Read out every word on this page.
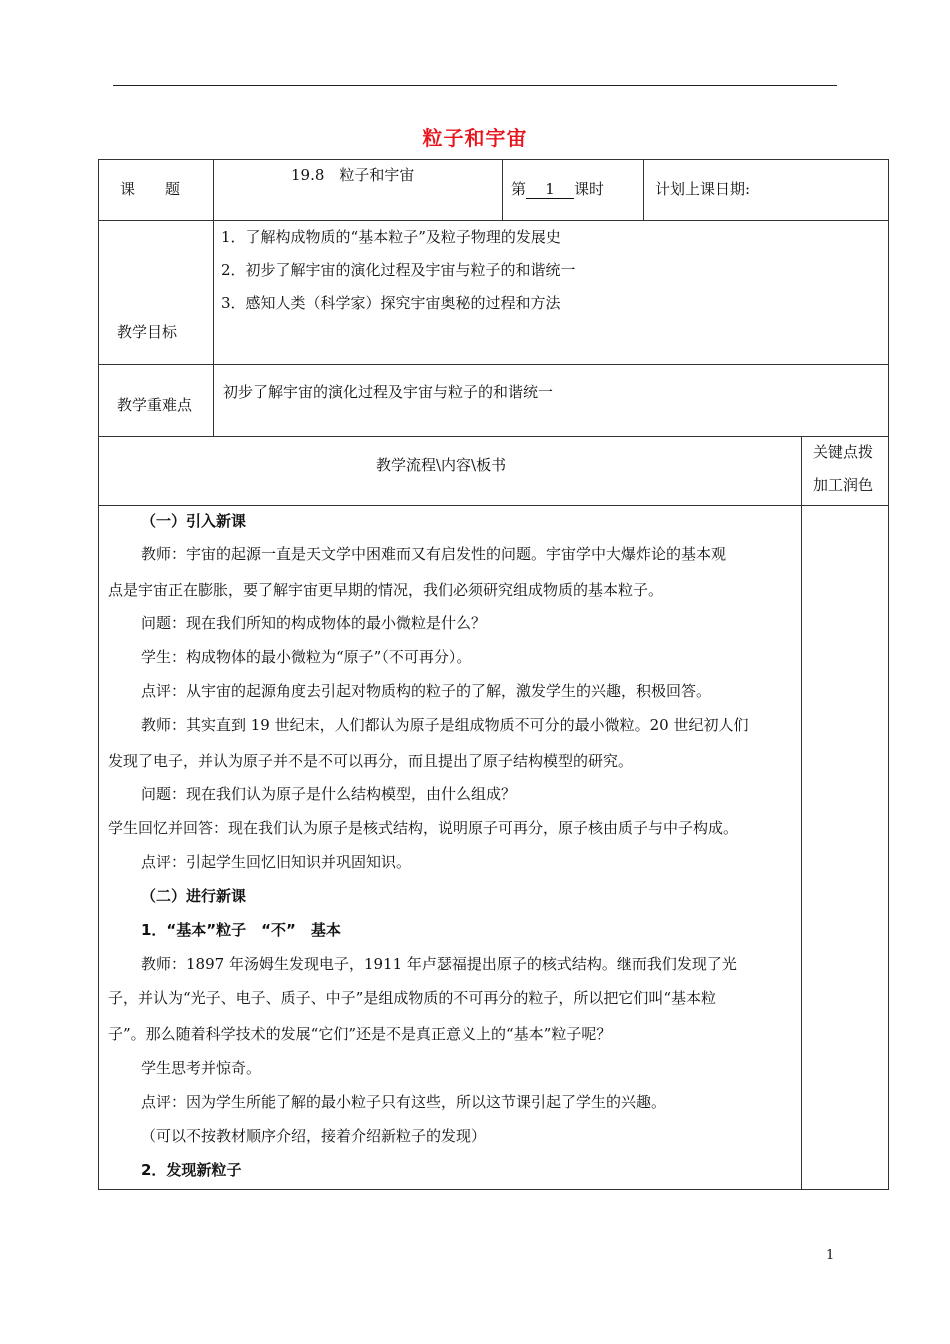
粒子和宇宙
课　　题
19.8　粒子和宇宙
第 1 课时	计划上课日期:
1．了解构成物质的“基本粒子”及粒子物理的发展史
2．初步了解宇宙的演化过程及宇宙与粒子的和谐统一
3．感知人类（科学家）探究宇宙奥秘的过程和方法
教学目标
教学重难点
初步了解宇宙的演化过程及宇宙与粒子的和谐统一
教学流程\内容\板书
关键点拨
加工润色
（一）引入新课
教师：宇宙的起源一直是天文学中困难而又有启发性的问题。宇宙学中大爆炸论的基本观
点是宇宙正在膨胀，要了解宇宙更早期的情况，我们必须研究组成物质的基本粒子。
问题：现在我们所知的构成物体的最小微粒是什么？
学生：构成物体的最小微粒为“原子”（不可再分）。
点评：从宇宙的起源角度去引起对物质构的粒子的了解，激发学生的兴趣，积极回答。
教师：其实直到 19 世纪末，人们都认为原子是组成物质不可分的最小微粒。20 世纪初人们
发现了电子，并认为原子并不是不可以再分，而且提出了原子结构模型的研究。
问题：现在我们认为原子是什么结构模型，由什么组成？
学生回忆并回答：现在我们认为原子是核式结构，说明原子可再分，原子核由质子与中子构成。
点评：引起学生回忆旧知识并巩固知识。
（二）进行新课
1．“基本”粒子　“不”　基本
教师：1897 年汤姆生发现电子，1911 年卢瑟福提出原子的核式结构。继而我们发现了光
子，并认为“光子、电子、质子、中子”是组成物质的不可再分的粒子，所以把它们叫“基本粒
子”。那么随着科学技术的发展“它们”还是不是真正意义上的“基本”粒子呢？
学生思考并惊奇。
点评：因为学生所能了解的最小粒子只有这些，所以这节课引起了学生的兴趣。
（可以不按教材顺序介绍，接着介绍新粒子的发现）
2．发现新粒子
1
